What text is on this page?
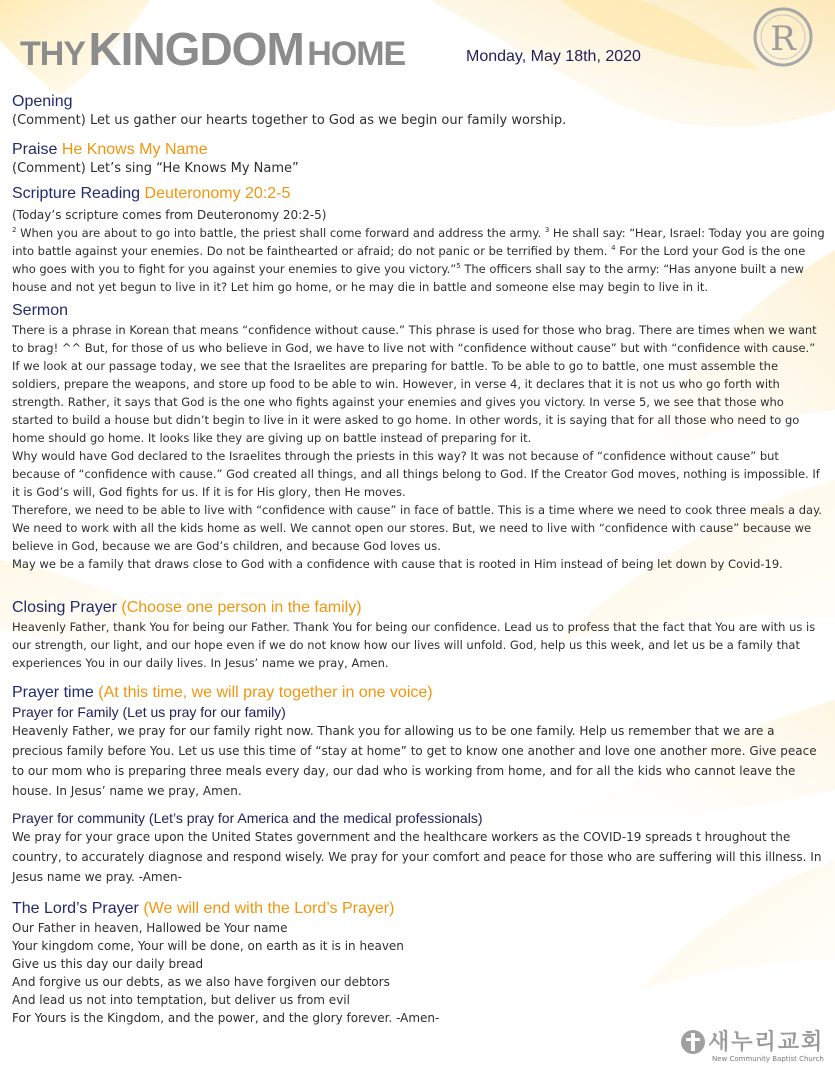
THY KINGDOM HOME	Monday, May 18th, 2020	R
Opening
(Comment) Let us gather our hearts together to God as we begin our family worship.
Praise He Knows My Name
(Comment) Let’s sing “He Knows My Name”
Scripture Reading Deuteronomy 20:2-5
(Today’s scripture comes from Deuteronomy 20:2-5)
$^2$ When you are about to go into battle, the priest shall come forward and address the army. $^3$ He shall say: “Hear, Israel: Today you are going into battle against your enemies. Do not be fainthearted or afraid; do not panic or be terrified by them. $^4$ For the Lord your God is the one who goes with you to fight for you against your enemies to give you victory.”$^5$ The officers shall say to the army: “Has anyone built a new house and not yet begun to live in it? Let him go home, or he may die in battle and someone else may begin to live in it.
Sermon
There is a phrase in Korean that means “confidence without cause.” This phrase is used for those who brag. There are times when we want to brag! ^^ But, for those of us who believe in God, we have to live not with “confidence without cause” but with “confidence with cause.”
If we look at our passage today, we see that the Israelites are preparing for battle. To be able to go to battle, one must assemble the soldiers, prepare the weapons, and store up food to be able to win. However, in verse 4, it declares that it is not us who go forth with strength. Rather, it says that God is the one who fights against your enemies and gives you victory. In verse 5, we see that those who started to build a house but didn’t begin to live in it were asked to go home. In other words, it is saying that for all those who need to go home should go home. It looks like they are giving up on battle instead of preparing for it.
Why would have God declared to the Israelites through the priests in this way? It was not because of “confidence without cause” but because of “confidence with cause.” God created all things, and all things belong to God. If the Creator God moves, nothing is impossible. If it is God’s will, God fights for us. If it is for His glory, then He moves.
Therefore, we need to be able to live with “confidence with cause” in face of battle. This is a time where we need to cook three meals a day. We need to work with all the kids home as well. We cannot open our stores. But, we need to live with “confidence with cause” because we believe in God, because we are God’s children, and because God loves us.
May we be a family that draws close to God with a confidence with cause that is rooted in Him instead of being let down by Covid-19.
Closing Prayer (Choose one person in the family)
Heavenly Father, thank You for being our Father. Thank You for being our confidence. Lead us to profess that the fact that You are with us is our strength, our light, and our hope even if we do not know how our lives will unfold. God, help us this week, and let us be a family that experiences You in our daily lives. In Jesus’ name we pray, Amen.
Prayer time (At this time, we will pray together in one voice)
Prayer for Family (Let us pray for our family)
Heavenly Father, we pray for our family right now. Thank you for allowing us to be one family. Help us remember that we are a precious family before You. Let us use this time of “stay at home” to get to know one another and love one another more. Give peace to our mom who is preparing three meals every day, our dad who is working from home, and for all the kids who cannot leave the house. In Jesus’ name we pray, Amen.
Prayer for community (Let’s pray for America and the medical professionals)
We pray for your grace upon the United States government and the healthcare workers as the COVID-19 spreads t hroughout the country, to accurately diagnose and respond wisely. We pray for your comfort and peace for those who are suffering will this illness. In Jesus name we pray. -Amen-
The Lord’s Prayer (We will end with the Lord’s Prayer)
Our Father in heaven, Hallowed be Your name
Your kingdom come, Your will be done, on earth as it is in heaven
Give us this day our daily bread
And forgive us our debts, as we also have forgiven our debtors
And lead us not into temptation, but deliver us from evil
For Yours is the Kingdom, and the power, and the glory forever. -Amen-
새누리교회
New Community Baptist Church
